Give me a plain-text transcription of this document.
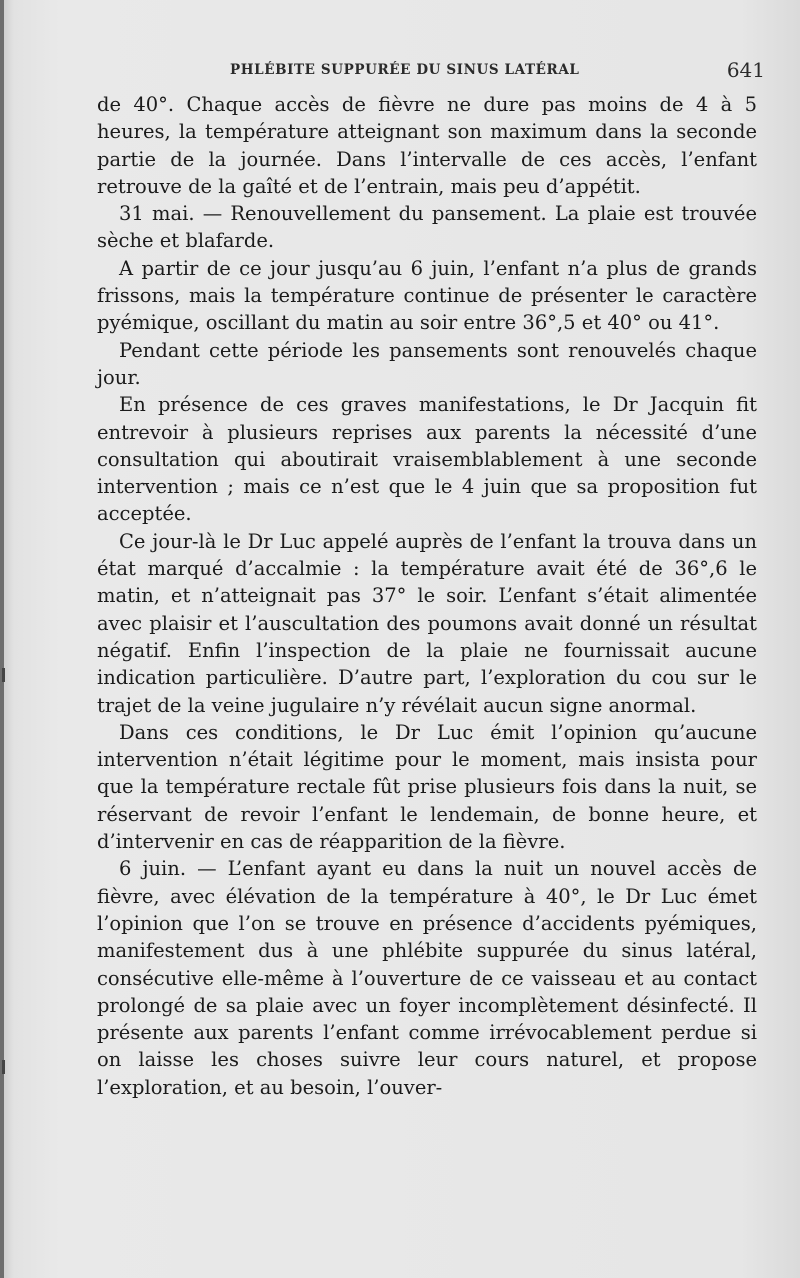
PHLÉBITE SUPPURÉE DU SINUS LATÉRAL	641

de 40°. Chaque accès de fièvre ne dure pas moins de 4 à 5 heures, la température atteignant son maximum dans la seconde partie de la journée. Dans l’intervalle de ces accès, l’enfant retrouve de la gaîté et de l’entrain, mais peu d’appétit.

31 mai. — Renouvellement du pansement. La plaie est trouvée sèche et blafarde.

A partir de ce jour jusqu’au 6 juin, l’enfant n’a plus de grands frissons, mais la température continue de présenter le caractère pyémique, oscillant du matin au soir entre 36°,5 et 40° ou 41°.

Pendant cette période les pansements sont renouvelés chaque jour.

En présence de ces graves manifestations, le Dr Jacquin fit entrevoir à plusieurs reprises aux parents la nécessité d’une consultation qui aboutirait vraisemblablement à une seconde intervention ; mais ce n’est que le 4 juin que sa proposition fut acceptée.

Ce jour-là le Dr Luc appelé auprès de l’enfant la trouva dans un état marqué d’accalmie : la température avait été de 36°,6 le matin, et n’atteignait pas 37° le soir. L’enfant s’était alimentée avec plaisir et l’auscultation des poumons avait donné un résultat négatif. Enfin l’inspection de la plaie ne fournissait aucune indication particulière. D’autre part, l’exploration du cou sur le trajet de la veine jugulaire n’y révélait aucun signe anormal.

Dans ces conditions, le Dr Luc émit l’opinion qu’aucune intervention n’était légitime pour le moment, mais insista pour que la température rectale fût prise plusieurs fois dans la nuit, se réservant de revoir l’enfant le lendemain, de bonne heure, et d’intervenir en cas de réapparition de la fièvre.

6 juin. — L’enfant ayant eu dans la nuit un nouvel accès de fièvre, avec élévation de la température à 40°, le Dr Luc émet l’opinion que l’on se trouve en présence d’accidents pyémiques, manifestement dus à une phlébite suppurée du sinus latéral, consécutive elle-même à l’ouverture de ce vaisseau et au contact prolongé de sa plaie avec un foyer incomplètement désinfecté. Il présente aux parents l’enfant comme irrévocablement perdue si on laisse les choses suivre leur cours naturel, et propose l’exploration, et au besoin, l’ouver-
